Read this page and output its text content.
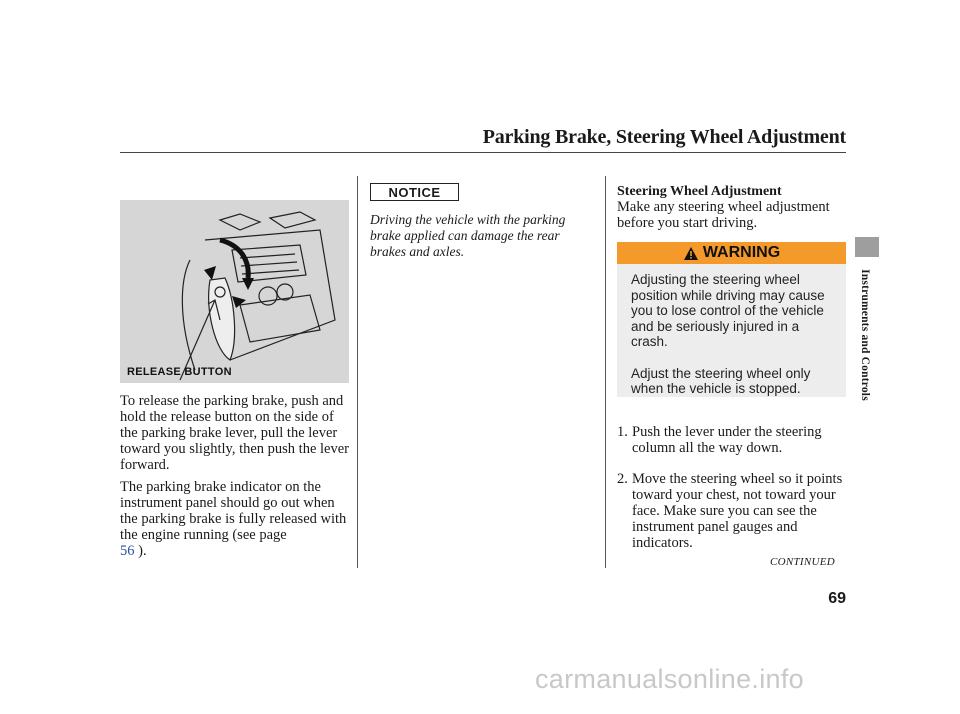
Parking Brake, Steering Wheel Adjustment
RELEASE BUTTON
To release the parking brake, push and hold the release button on the side of the parking brake lever, pull the lever toward you slightly, then push the lever forward.
The parking brake indicator on the instrument panel should go out when the parking brake is fully released with the engine running (see page
56 ).
NOTICE
Driving the vehicle with the parking brake applied can damage the rear brakes and axles.
Steering Wheel Adjustment
Make any steering wheel adjustment before you start driving.
WARNING

Adjusting the steering wheel position while driving may cause you to lose control of the vehicle and be seriously injured in a crash.

Adjust the steering wheel only when the vehicle is stopped.

1. Push the lever under the steering column all the way down.
2. Move the steering wheel so it points toward your chest, not toward your face. Make sure you can see the instrument panel gauges and indicators.
CONTINUED
Instruments and Controls
69
carmanualsonline.info
